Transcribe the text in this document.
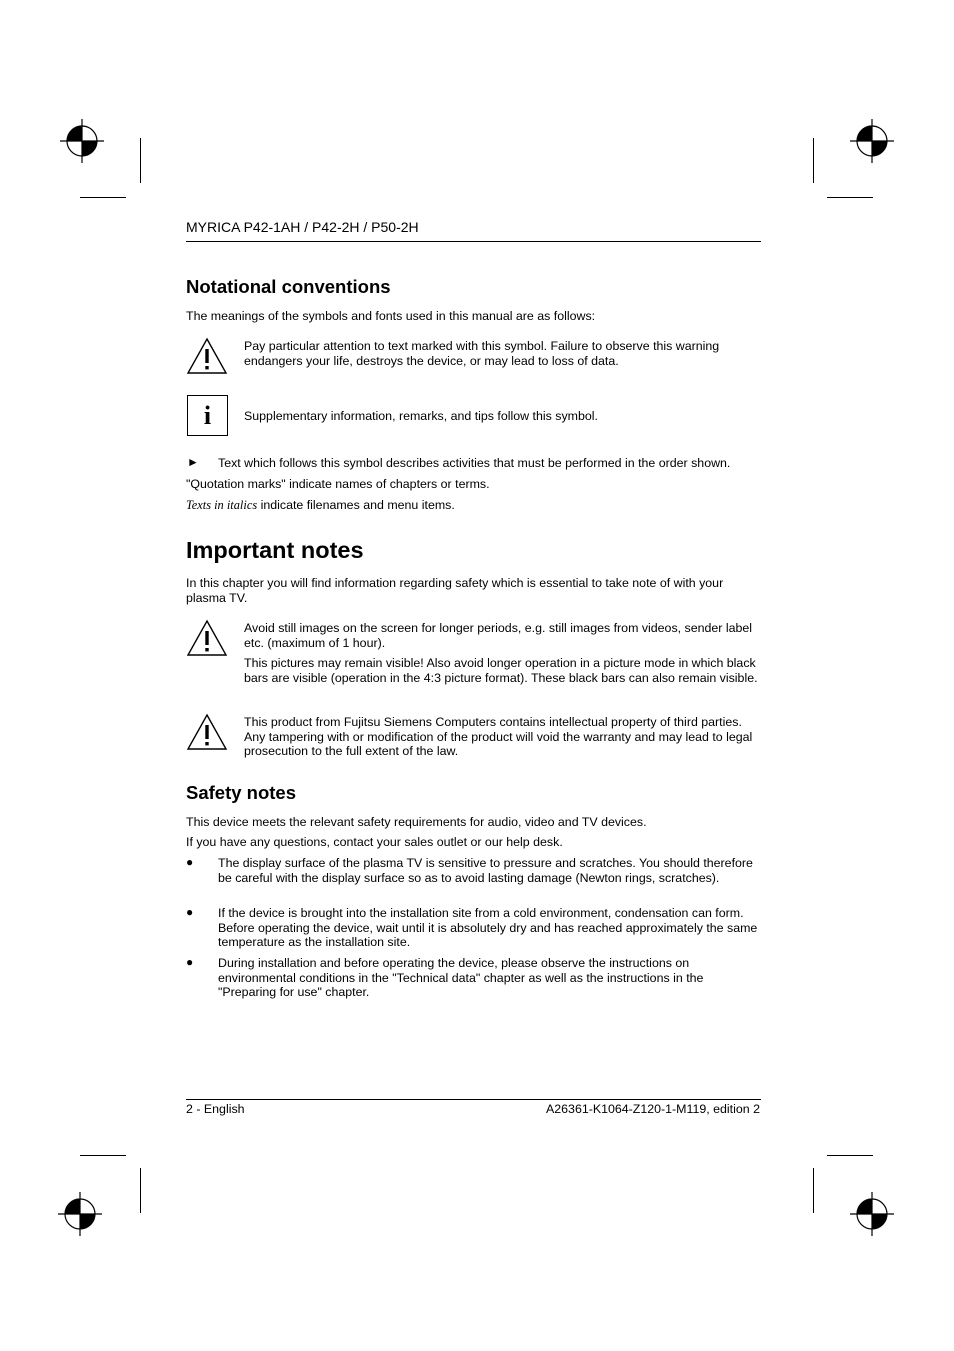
MYRICA P42-1AH / P42-2H / P50-2H
Notational conventions
The meanings of the symbols and fonts used in this manual are as follows:
Pay particular attention to text marked with this symbol. Failure to observe this warning endangers your life, destroys the device, or may lead to loss of data.
i	Supplementary information, remarks, and tips follow this symbol.
► Text which follows this symbol describes activities that must be performed in the order shown.
"Quotation marks" indicate names of chapters or terms.
Texts in italics indicate filenames and menu items.
Important notes
In this chapter you will find information regarding safety which is essential to take note of with your plasma TV.
Avoid still images on the screen for longer periods, e.g. still images from videos, sender label etc. (maximum of 1 hour).
This pictures may remain visible! Also avoid longer operation in a picture mode in which black bars are visible (operation in the 4:3 picture format). These black bars can also remain visible.
This product from Fujitsu Siemens Computers contains intellectual property of third parties. Any tampering with or modification of the product will void the warranty and may lead to legal prosecution to the full extent of the law.
Safety notes
This device meets the relevant safety requirements for audio, video and TV devices.
If you have any questions, contact your sales outlet or our help desk.
● The display surface of the plasma TV is sensitive to pressure and scratches. You should therefore be careful with the display surface so as to avoid lasting damage (Newton rings, scratches).
● If the device is brought into the installation site from a cold environment, condensation can form. Before operating the device, wait until it is absolutely dry and has reached approximately the same temperature as the installation site.
● During installation and before operating the device, please observe the instructions on environmental conditions in the "Technical data" chapter as well as the instructions in the "Preparing for use" chapter.
2 - English	A26361-K1064-Z120-1-M119, edition 2
